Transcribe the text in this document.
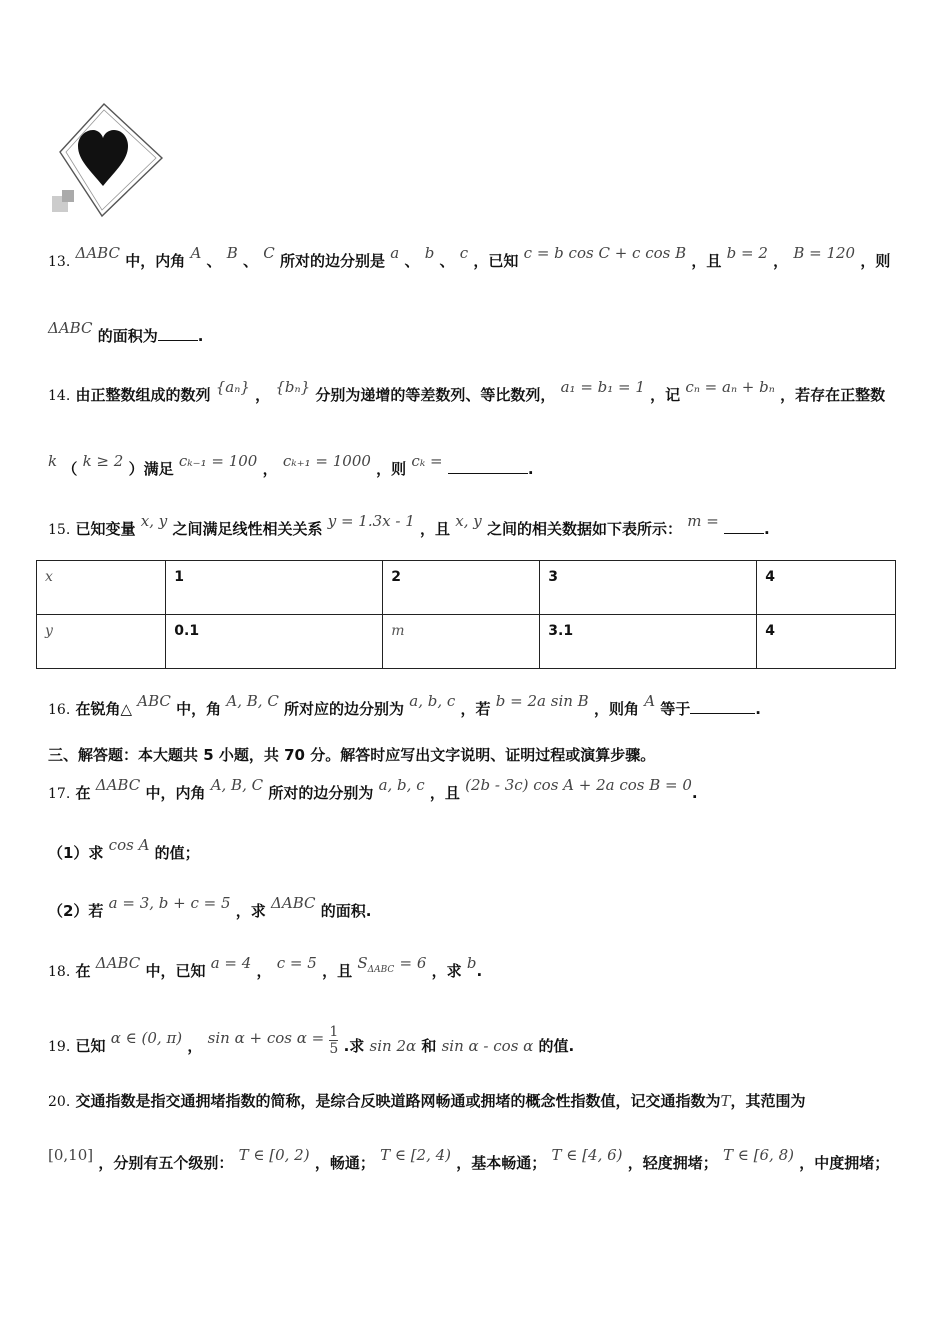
13. ΔABC 中，内角 A 、 B 、 C 所对的边分别是 a 、 b 、 c ，已知 c = b cos C + c cos B ，且 b = 2 ， B = 120 ，则
ΔABC 的面积为	.
14. 由正整数组成的数列 {aₙ} ， {bₙ} 分别为递增的等差数列、等比数列， a₁ = b₁ = 1 ，记 cₙ = aₙ + bₙ ，若存在正整数
k （ k ≥ 2 ）满足 cₖ₋₁ = 100 ， cₖ₊₁ = 1000 ，则 cₖ =	.
15. 已知变量 x, y 之间满足线性相关关系 y = 1.3x - 1 ，且 x, y 之间的相关数据如下表所示： m =	.
x	1	2	3	4
y	0.1	m	3.1	4
16. 在锐角△ ABC 中，角 A, B, C 所对应的边分别为 a, b, c ，若 b = 2a sin B ，则角 A 等于	.
三、解答题：本大题共 5 小题，共 70 分。解答时应写出文字说明、证明过程或演算步骤。
17. 在 ΔABC 中，内角 A, B, C 所对的边分别为 a, b, c ，且 (2b - 3c) cos A + 2a cos B = 0.
（1）求 cos A 的值；
（2）若 a = 3, b + c = 5 ，求 ΔABC 的面积.
18. 在 ΔABC 中，已知 a = 4 ， c = 5 ，且 $S^{\Delta ABC} = 6$ ，求 b.
19. 已知 α ∈ (0, π) ， $\sin \alpha + \cos \alpha = \frac{1}{5}$ .求 sin 2α 和 sin α - cos α 的值.
20. 交通指数是指交通拥堵指数的简称，是综合反映道路网畅通或拥堵的概念性指数值，记交通指数为T，其范围为
[0,10] ，分别有五个级别： T ∈ [0, 2) ，畅通； T ∈ [2, 4) ，基本畅通； T ∈ [4, 6) ，轻度拥堵； T ∈ [6, 8) ，中度拥堵；
